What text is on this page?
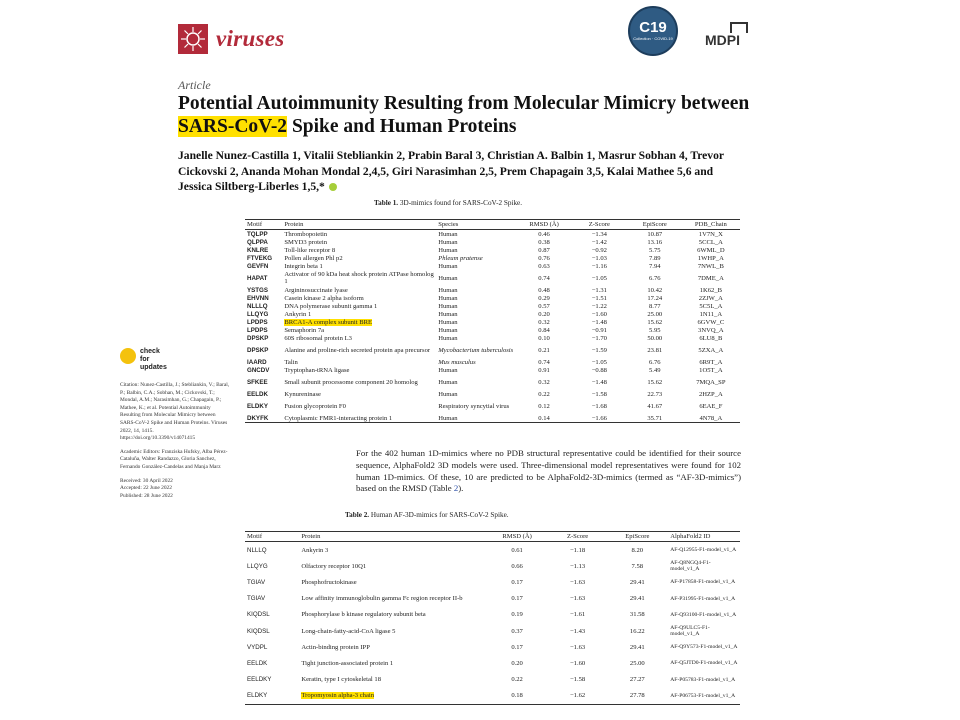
viruses	C19
Collection · COVID-19 MDPI
Article
Potential Autoimmunity Resulting from Molecular Mimicry between SARS-CoV-2 Spike and Human Proteins
Janelle Nunez-Castilla 1, Vitalii Stebliankin 2, Prabin Baral 3, Christian A. Balbin 1, Masrur Sobhan 4, Trevor Cickovski 2, Ananda Mohan Mondal 2,4,5, Giri Narasimhan 2,5, Prem Chapagain 3,5, Kalai Mathee 5,6 and Jessica Siltberg-Liberles 1,5,*
check for
updates

Citation: Nunez-Castilla, J.; Stebliankin, V.; Baral, P.; Balbin, C.A.; Sobhan, M.; Cickovski, T.; Mondal, A.M.; Narasimhan, G.; Chapagain, P.; Mathee, K.; et al. Potential Autoimmunity Resulting from Molecular Mimicry between SARS-CoV-2 Spike and Human Proteins. Viruses 2022, 14, 1415. https://doi.org/10.3390/v14071415

Academic Editors: Franziska Hufsky, Alba Pérez-Cataluña, Walter Randazzo, Gloria Sanchez, Fernando González-Candelas and Manja Marz

Received: 30 April 2022
Accepted: 22 June 2022
Published: 28 June 2022
Table 1. 3D-mimics found for SARS-CoV-2 Spike.
Motif	Protein	Species	RMSD (Å)	Z-Score	EpiScore	PDB_Chain
TQLPP	Thrombopoietin	Human	0.46	−1.34	10.87	1V7N_X
QLPPA	SMYD3 protein	Human	0.38	−1.42	13.16	5CCL_A
KNLRE	Toll-like receptor 8	Human	0.87	−0.92	5.75	6WML_D
FTVEKG	Pollen allergen Phl p2	Phleum pratense	0.76	−1.03	7.89	1WHP_A
GEVFN	Integrin beta 1	Human	0.63	−1.16	7.94	7NWL_B
HAPAT	Activator of 90 kDa heat shock protein ATPase homolog 1	Human	0.74	−1.05	6.76	7DME_A
YSTGS	Argininosuccinate lyase	Human	0.48	−1.31	10.42	1K62_B
EHVNN	Casein kinase 2 alpha isoform	Human	0.29	−1.51	17.24	2ZJW_A
NLLLQ	DNA polymerase subunit gamma 1	Human	0.57	−1.22	8.77	5C5L_A
LLQYG	Ankyrin 1	Human	0.20	−1.60	25.00	1N11_A
LPDPS	BRCA1-A complex subunit BRE	Human	0.32	−1.48	15.62	6GVW_C
LPDPS	Semaphorin 7a	Human	0.84	−0.91	5.95	3NVQ_A
DPSKP	60S ribosomal protein L3	Human	0.10	−1.70	50.00	6LU8_B
DPSKP	Alanine and proline-rich secreted protein apa precursor	Mycobacterium tuberculosis	0.21	−1.59	23.81	5ZXA_A
IAARD	Talin	Mus musculus	0.74	−1.05	6.76	6R9T_A
GNCDV	Tryptophan-tRNA ligase	Human	0.91	−0.88	5.49	1O5T_A
SFKEE	Small subunit processome component 20 homolog	Human	0.32	−1.48	15.62	7MQA_SP
EELDK	Kynureninase	Human	0.22	−1.58	22.73	2HZP_A
ELDKY	Fusion glycoprotein F0	Respiratory syncytial virus	0.12	−1.68	41.67	6EAE_F
DKYFK	Cytoplasmic FMR1-interacting protein 1	Human	0.14	−1.66	35.71	4N78_A
For the 402 human 1D-mimics where no PDB structural representative could be identified for their source sequence, AlphaFold2 3D models were used. Three-dimensional model representatives were found for 102 human 1D-mimics. Of these, 10 are predicted to be AlphaFold2-3D-mimics (termed as “AF-3D-mimics”) based on the RMSD (Table 2).
Table 2. Human AF-3D-mimics for SARS-CoV-2 Spike.
Motif	Protein	RMSD (Å)	Z-Score	EpiScore	AlphaFold2 ID
NLLLQ	Ankyrin 3	0.61	−1.18	8.20	AF-Q12955-F1-model_v1_A
LLQYG	Olfactory receptor 10Q1	0.66	−1.13	7.58	AF-Q8NGQ4-F1-model_v1_A
TGIAV	Phosphofructokinase	0.17	−1.63	29.41	AF-P17858-F1-model_v1_A
TGIAV	Low affinity immunoglobulin gamma Fc region receptor II-b	0.17	−1.63	29.41	AF-P31995-F1-model_v1_A
KIQDSL	Phosphorylase b kinase regulatory subunit beta	0.19	−1.61	31.58	AF-Q93100-F1-model_v1_A
KIQDSL	Long-chain-fatty-acid-CoA ligase 5	0.37	−1.43	16.22	AF-Q9ULC5-F1-model_v1_A
VYDPL	Actin-binding protein IPP	0.17	−1.63	29.41	AF-Q9Y573-F1-model_v1_A
EELDK	Tight junction-associated protein 1	0.20	−1.60	25.00	AF-Q5JTD0-F1-model_v1_A
EELDKY	Keratin, type I cytoskeletal 18	0.22	−1.58	27.27	AF-P05783-F1-model_v1_A
ELDKY	Tropomyosin alpha-3 chain	0.18	−1.62	27.78	AF-P06753-F1-model_v1_A
